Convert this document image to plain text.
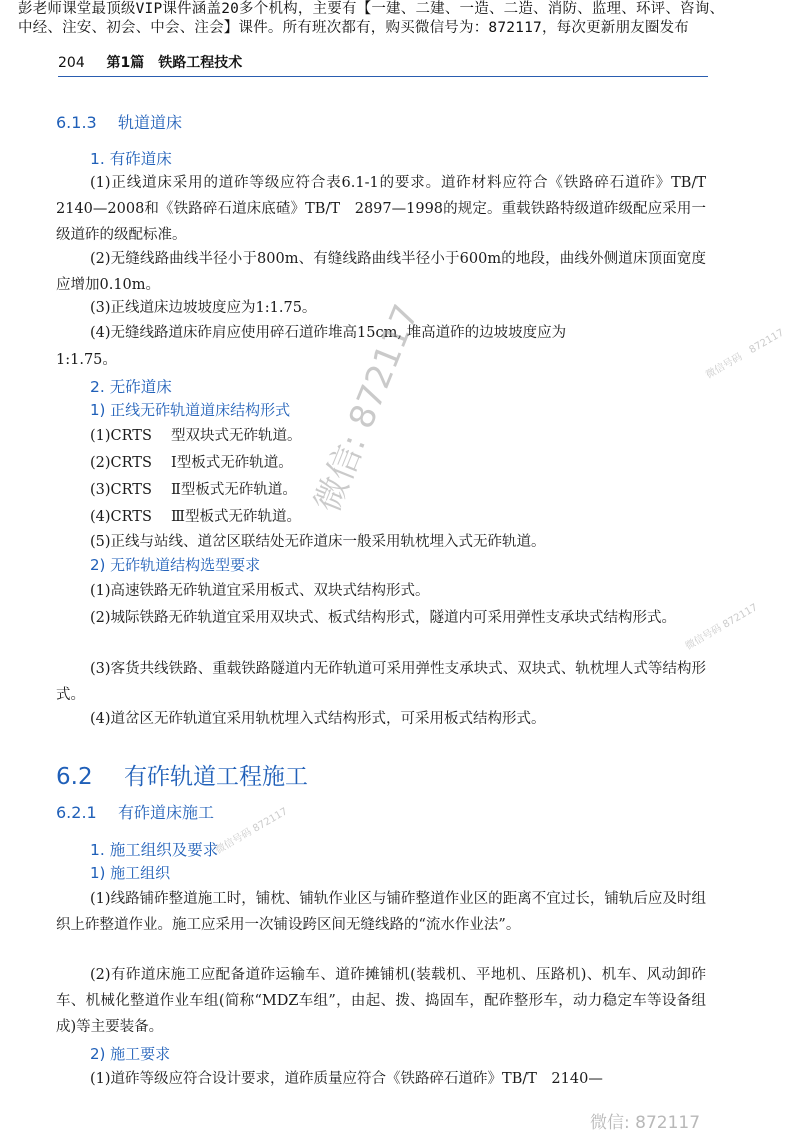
彭老师课堂最顶级VIP课件涵盖20多个机构，主要有【一建、二建、一造、二造、消防、监理、环评、咨询、
中经、注安、初会、中会、注会】课件。所有班次都有，购买微信号为：872117，每次更新朋友圈发布
204 第1篇　铁路工程技术
6.1.3 轨道道床
1. 有砟道床
(1)正线道床采用的道砟等级应符合表6.1-1的要求。道砟材料应符合《铁路碎石道砟》TB/T　2140—2008和《铁路碎石道床底碴》TB/T　2897—1998的规定。重载铁路特级道砟级配应采用一级道砟的级配标准。
(2)无缝线路曲线半径小于800m、有缝线路曲线半径小于600m的地段，曲线外侧道床顶面宽度应增加0.10m。
(3)正线道床边坡坡度应为1:1.75。
(4)无缝线路道床砟肩应使用碎石道砟堆高15cm, 堆高道砟的边坡坡度应为
1:1.75。
2. 无砟道床
1) 正线无砟轨道道床结构形式
(1)CRTS　 型双块式无砟轨道。
(2)CRTS　 Ⅰ型板式无砟轨道。
(3)CRTS　 Ⅱ型板式无砟轨道。
(4)CRTS　 Ⅲ型板式无砟轨道。
(5)正线与站线、道岔区联结处无砟道床一般采用轨枕埋入式无砟轨道。
2) 无砟轨道结构选型要求
(1)高速铁路无砟轨道宜采用板式、双块式结构形式。
(2)城际铁路无砟轨道宜采用双块式、板式结构形式，隧道内可采用弹性支承块式结构形式。
(3)客货共线铁路、重载铁路隧道内无砟轨道可采用弹性支承块式、双块式、轨枕埋人式等结构形式。
(4)道岔区无砟轨道宜采用轨枕埋入式结构形式，可采用板式结构形式。
6.2 有砟轨道工程施工
6.2.1 有砟道床施工
1. 施工组织及要求
1) 施工组织
(1)线路铺砟整道施工时，铺枕、铺轨作业区与铺砟整道作业区的距离不宜过长，铺轨后应及时组织上砟整道作业。施工应采用一次铺设跨区间无缝线路的“流水作业法”。
(2)有砟道床施工应配备道砟运输车、道砟摊铺机(装载机、平地机、压路机)、机车、风动卸砟车、机械化整道作业车组(简称“MDZ车组”，由起、拨、捣固车，配砟整形车，动力稳定车等设备组成)等主要装备。
2) 施工要求
(1)道砟等级应符合设计要求，道砟质量应符合《铁路碎石道砟》TB/T　2140—
微信: 872117	微信号码　872117
微信号码 872117
微信号码 872117
微信: 872117
